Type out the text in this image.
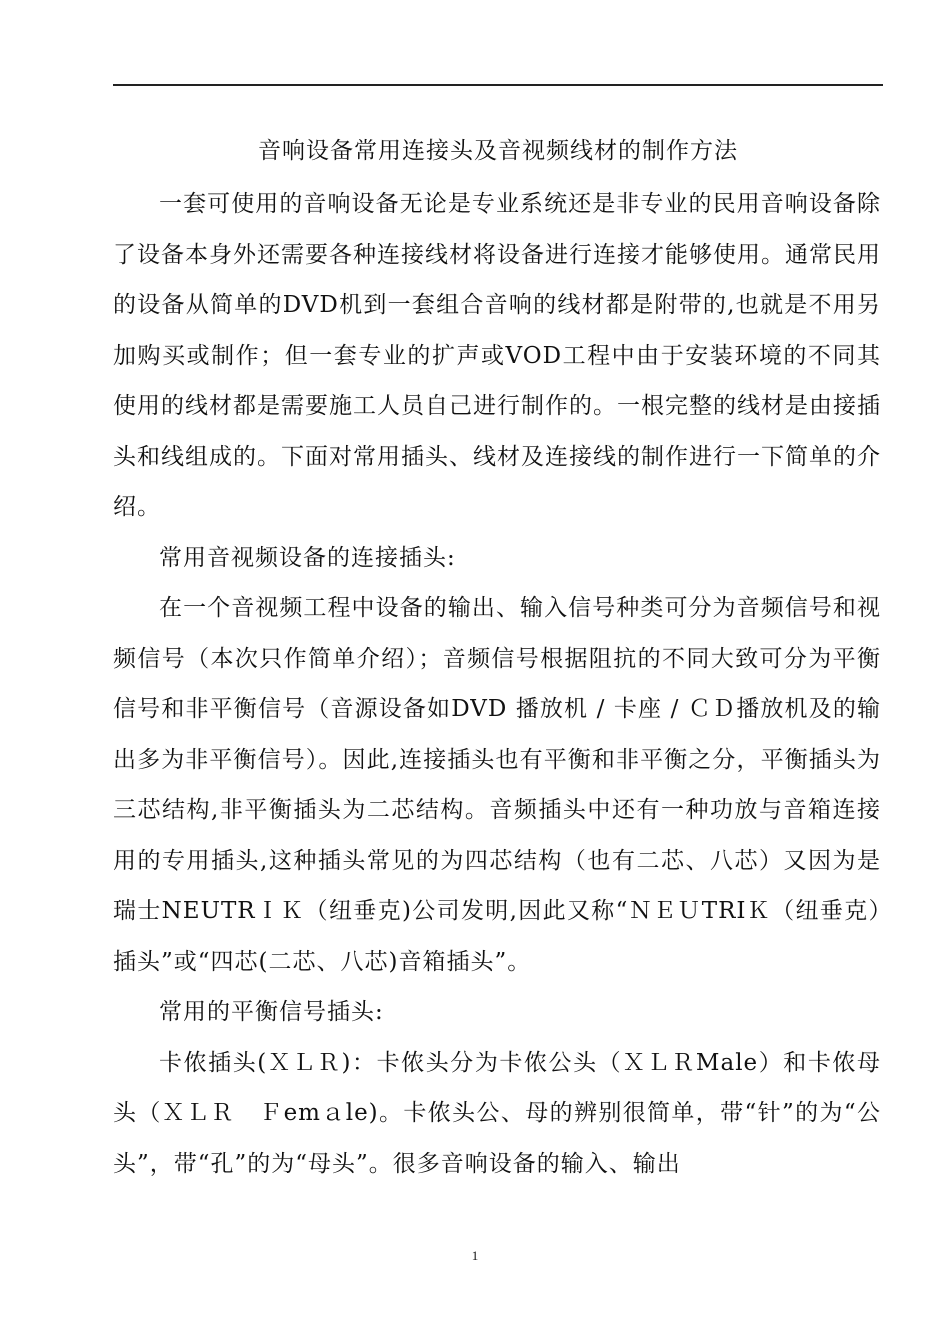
音响设备常用连接头及音视频线材的制作方法

一套可使用的音响设备无论是专业系统还是非专业的民用音响设备除了设备本身外还需要各种连接线材将设备进行连接才能够使用。通常民用的设备从简单的DVD机到一套组合音响的线材都是附带的,也就是不用另加购买或制作；但一套专业的扩声或VOD工程中由于安装环境的不同其使用的线材都是需要施工人员自己进行制作的。一根完整的线材是由接插头和线组成的。下面对常用插头、线材及连接线的制作进行一下简单的介绍。

常用音视频设备的连接插头:

在一个音视频工程中设备的输出、输入信号种类可分为音频信号和视频信号（本次只作简单介绍）；音频信号根据阻抗的不同大致可分为平衡信号和非平衡信号（音源设备如DVD 播放机 / 卡座 / ＣＤ播放机及的输出多为非平衡信号）。因此,连接插头也有平衡和非平衡之分，平衡插头为三芯结构,非平衡插头为二芯结构。音频插头中还有一种功放与音箱连接用的专用插头,这种插头常见的为四芯结构（也有二芯、八芯）又因为是瑞士NEUTRＩＫ（纽垂克)公司发明,因此又称“ＮＥＵTRIＫ（纽垂克）插头”或“四芯(二芯、八芯)音箱插头”。

常用的平衡信号插头:

卡侬插头(ＸＬＲ)：卡侬头分为卡侬公头（ＸＬＲMale）和卡侬母头（ＸＬＲ　Ｆemａle)。卡侬头公、母的辨别很简单，带“针”的为“公头”，带“孔”的为“母头”。很多音响设备的输入、输出

1
